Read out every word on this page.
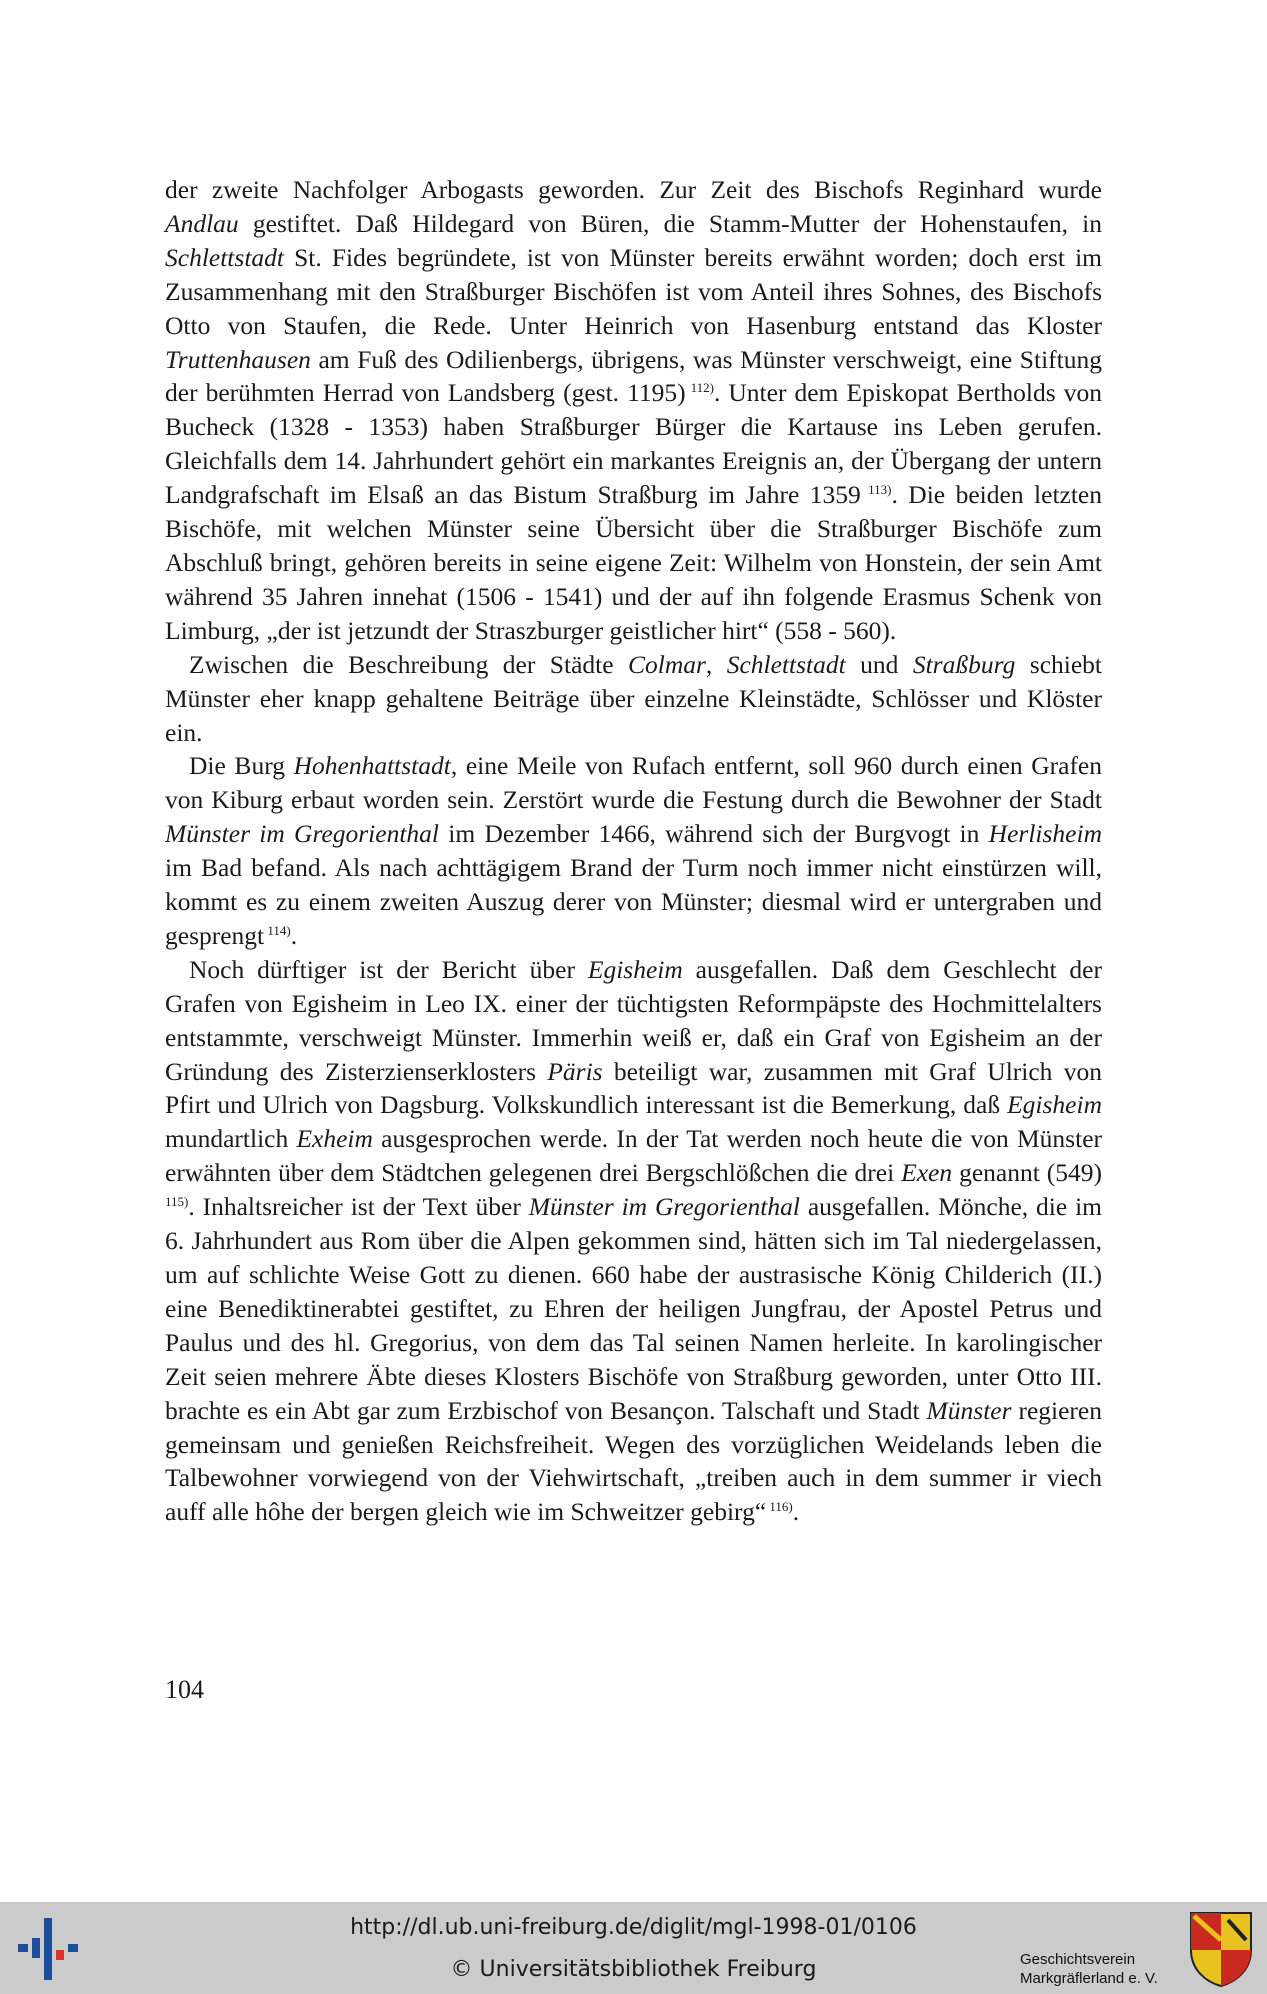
der zweite Nachfolger Arbogasts geworden. Zur Zeit des Bischofs Reginhard wurde Andlau gestiftet. Daß Hildegard von Büren, die Stamm-Mutter der Hohenstaufen, in Schlettstadt St. Fides begründete, ist von Münster bereits erwähnt worden; doch erst im Zusammenhang mit den Straßburger Bischöfen ist vom Anteil ihres Sohnes, des Bischofs Otto von Staufen, die Rede. Unter Heinrich von Hasenburg entstand das Kloster Truttenhausen am Fuß des Odilienbergs, übrigens, was Münster verschweigt, eine Stiftung der berühmten Herrad von Landsberg (gest. 1195) $^{112)}$. Unter dem Episkopat Bertholds von Bucheck (1328 - 1353) haben Straßburger Bürger die Kartause ins Leben gerufen. Gleichfalls dem 14. Jahrhundert gehört ein markantes Ereignis an, der Übergang der untern Landgrafschaft im Elsaß an das Bistum Straßburg im Jahre 1359 $^{113)}$. Die beiden letzten Bischöfe, mit welchen Münster seine Übersicht über die Straßburger Bischöfe zum Abschluß bringt, gehören bereits in seine eigene Zeit: Wilhelm von Honstein, der sein Amt während 35 Jahren innehat (1506 - 1541) und der auf ihn folgende Erasmus Schenk von Limburg, „der ist jetzundt der Straszburger geistlicher hirt“ (558 - 560).

Zwischen die Beschreibung der Städte Colmar, Schlettstadt und Straßburg schiebt Münster eher knapp gehaltene Beiträge über einzelne Kleinstädte, Schlösser und Klöster ein.

Die Burg Hohenhattstadt, eine Meile von Rufach entfernt, soll 960 durch einen Grafen von Kiburg erbaut worden sein. Zerstört wurde die Festung durch die Bewohner der Stadt Münster im Gregorienthal im Dezember 1466, während sich der Burgvogt in Herlisheim im Bad befand. Als nach achttägigem Brand der Turm noch immer nicht einstürzen will, kommt es zu einem zweiten Auszug derer von Münster; diesmal wird er untergraben und gesprengt $^{114)}$.

Noch dürftiger ist der Bericht über Egisheim ausgefallen. Daß dem Geschlecht der Grafen von Egisheim in Leo IX. einer der tüchtigsten Reformpäpste des Hochmittelalters entstammte, verschweigt Münster. Immerhin weiß er, daß ein Graf von Egisheim an der Gründung des Zisterzienserklosters Päris beteiligt war, zusammen mit Graf Ulrich von Pfirt und Ulrich von Dagsburg. Volkskundlich interessant ist die Bemerkung, daß Egisheim mundartlich Exheim ausgesprochen werde. In der Tat werden noch heute die von Münster erwähnten über dem Städtchen gelegenen drei Bergschlößchen die drei Exen genannt (549) $^{115)}$. Inhaltsreicher ist der Text über Münster im Gregorienthal ausgefallen. Mönche, die im 6. Jahrhundert aus Rom über die Alpen gekommen sind, hätten sich im Tal niedergelassen, um auf schlichte Weise Gott zu dienen. 660 habe der austrasische König Childerich (II.) eine Benediktinerabtei gestiftet, zu Ehren der heiligen Jungfrau, der Apostel Petrus und Paulus und des hl. Gregorius, von dem das Tal seinen Namen herleite. In karolingischer Zeit seien mehrere Äbte dieses Klosters Bischöfe von Straßburg geworden, unter Otto III. brachte es ein Abt gar zum Erzbischof von Besançon. Talschaft und Stadt Münster regieren gemeinsam und genießen Reichsfreiheit. Wegen des vorzüglichen Weidelands leben die Talbewohner vorwiegend von der Viehwirtschaft, „treiben auch in dem summer ir viech auff alle hôhe der bergen gleich wie im Schweitzer gebirg“ $^{116)}$.

104
http://dl.ub.uni-freiburg.de/diglit/mgl-1998-01/0106
© Universitätsbibliothek Freiburg	Geschichtsverein
Markgräflerland e. V.
